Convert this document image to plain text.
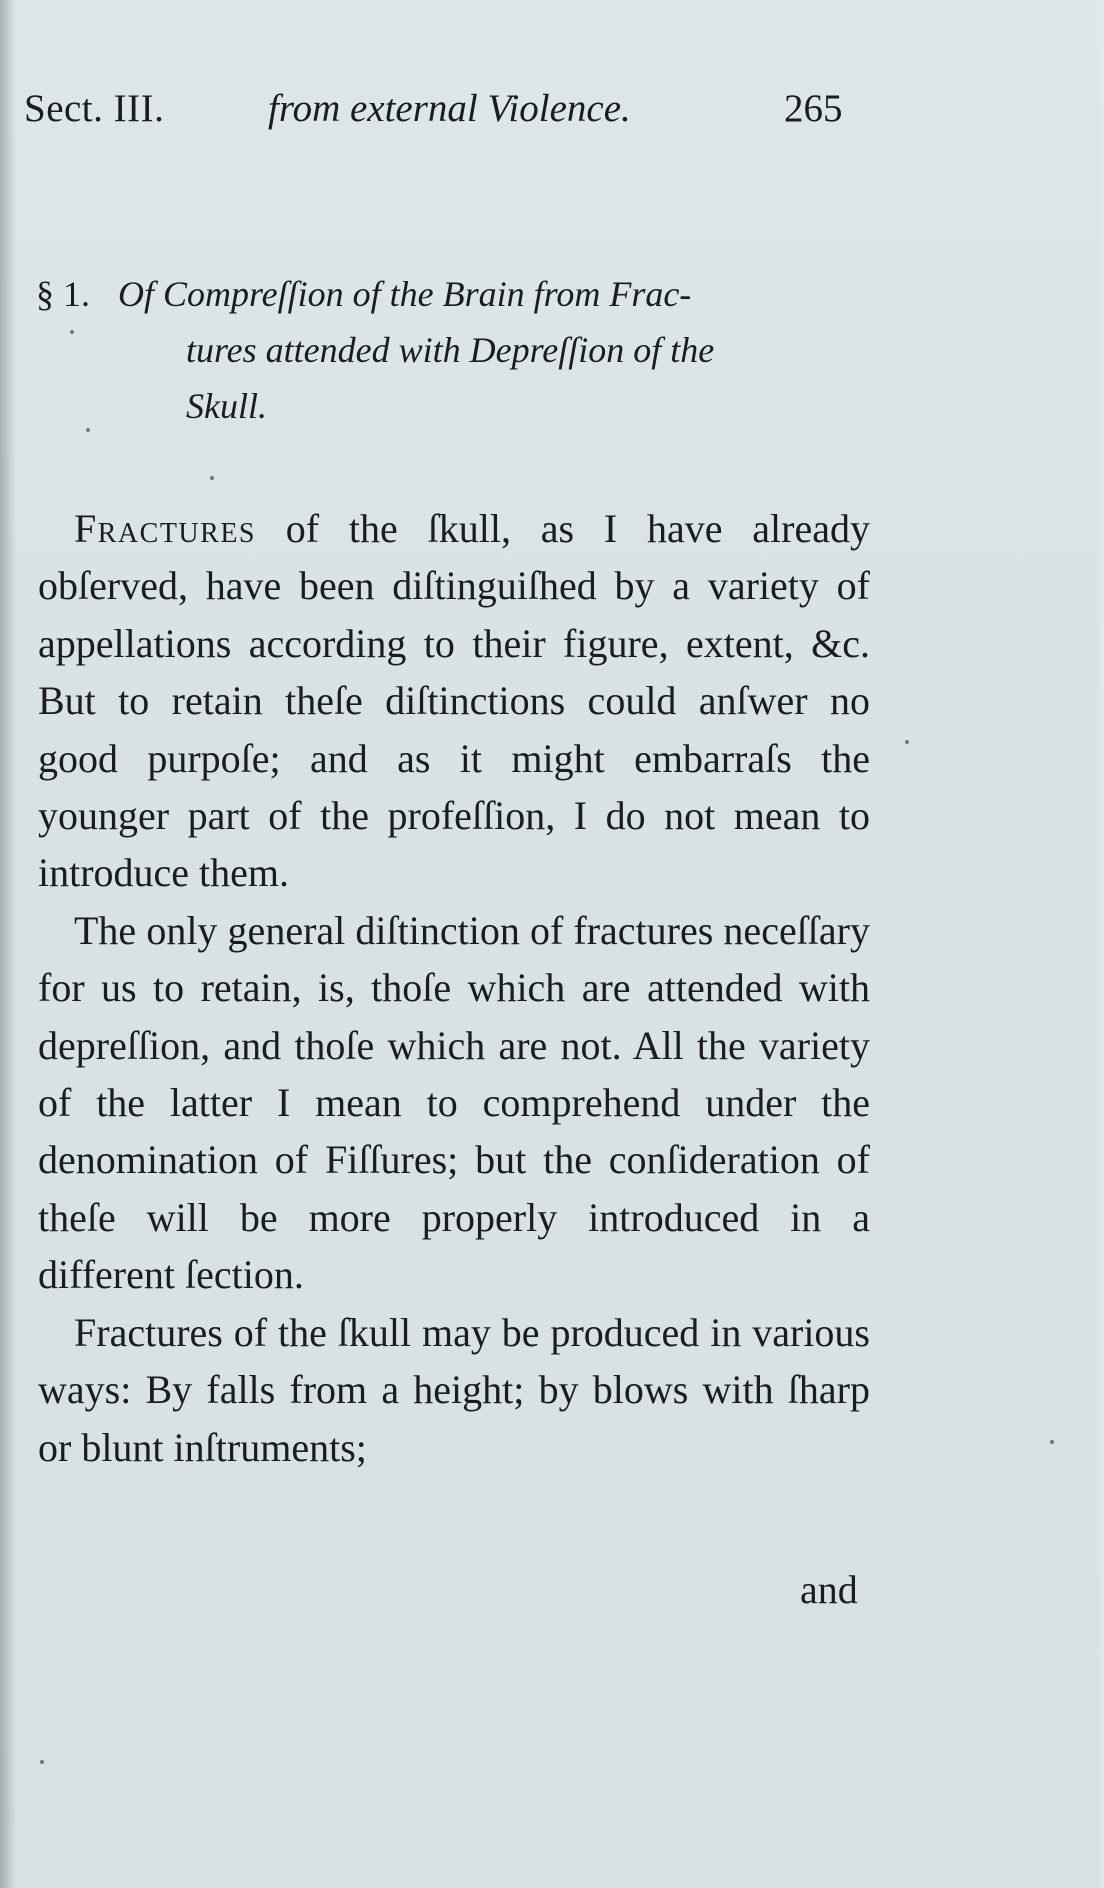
Sect. III.	from external Violence.	265
§ 1. Of Compreſſion of the Brain from Frac-
tures attended with Depreſſion of the
Skull.

Fractures of the ſkull, as I have already obſerved, have been diſtinguiſhed by a variety of appellations according to their figure, extent, &c. But to retain theſe diſtinctions could anſwer no good purpoſe; and as it might embarraſs the younger part of the profeſſion, I do not mean to introduce them.

The only general diſtinction of fractures neceſſary for us to retain, is, thoſe which are attended with depreſſion, and thoſe which are not. All the variety of the latter I mean to comprehend under the denomination of Fiſſures; but the conſideration of theſe will be more properly introduced in a different ſection.

Fractures of the ſkull may be produced in various ways: By falls from a height; by blows with ſharp or blunt inſtruments;

and
